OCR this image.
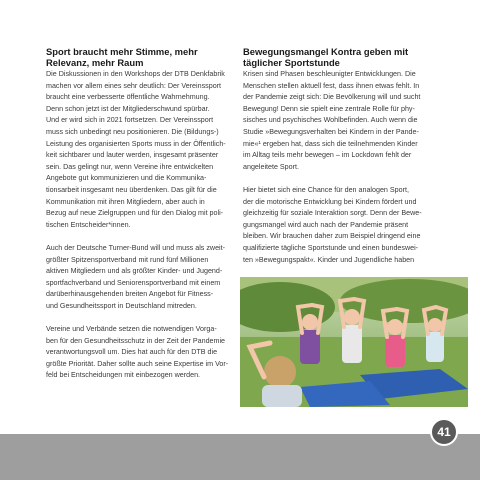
Sport braucht mehr Stimme, mehr
Relevanz, mehr Raum
Die Diskussionen in den Workshops der DTB Denkfabrik
machen vor allem eines sehr deutlich: Der Vereinssport
braucht eine verbesserte öffentliche Wahrnehmung.
Denn schon jetzt ist der Mitgliederschwund spürbar.
Und er wird sich in 2021 fortsetzen. Der Vereinssport
muss sich unbedingt neu positionieren. Die (Bildungs-)
Leistung des organisierten Sports muss in der Öffentlich-
keit sichtbarer und lauter werden, insgesamt präsenter
sein. Das gelingt nur, wenn Vereine ihre entwickelten
Angebote gut kommunizieren und die Kommunika-
tionsarbeit insgesamt neu überdenken. Das gilt für die
Kommunikation mit ihren Mitgliedern, aber auch in
Bezug auf neue Zielgruppen und für den Dialog mit poli-
tischen Entscheider*innen.
Auch der Deutsche Turner-Bund will und muss als zweit-
größter Spitzensportverband mit rund fünf Millionen
aktiven Mitgliedern und als größter Kinder- und Jugend-
sportfachverband und Seniorensportverband mit einem
darüberhinausgehenden breiten Angebot für Fitness-
und Gesundheitssport in Deutschland mitreden.
Vereine und Verbände setzen die notwendigen Vorga-
ben für den Gesundheitsschutz in der Zeit der Pandemie
verantwortungsvoll um. Dies hat auch für den DTB die
größte Priorität. Daher sollte auch seine Expertise im Vor-
feld bei Entscheidungen mit einbezogen werden.
Bewegungsmangel Kontra geben mit
täglicher Sportstunde
Krisen sind Phasen beschleunigter Entwicklungen. Die
Menschen stellen aktuell fest, dass ihnen etwas fehlt. In
der Pandemie zeigt sich: Die Bevölkerung will und sucht
Bewegung! Denn sie spielt eine zentrale Rolle für phy-
sisches und psychisches Wohlbefinden. Auch wenn die
Studie »Bewegungsverhalten bei Kindern in der Pande-
mie«¹ ergeben hat, dass sich die teilnehmenden Kinder
im Alltag teils mehr bewegen – im Lockdown fehlt der
angeleitete Sport.
Hier bietet sich eine Chance für den analogen Sport,
der die motorische Entwicklung bei Kindern fördert und
gleichzeitig für soziale Interaktion sorgt. Denn der Bewe-
gungsmangel wird auch nach der Pandemie präsent
bleiben. Wir brauchen daher zum Beispiel dringend eine
qualifizierte tägliche Sportstunde und einen bundeswei-
ten »Bewegungspakt«. Kinder und Jugendliche haben
41
